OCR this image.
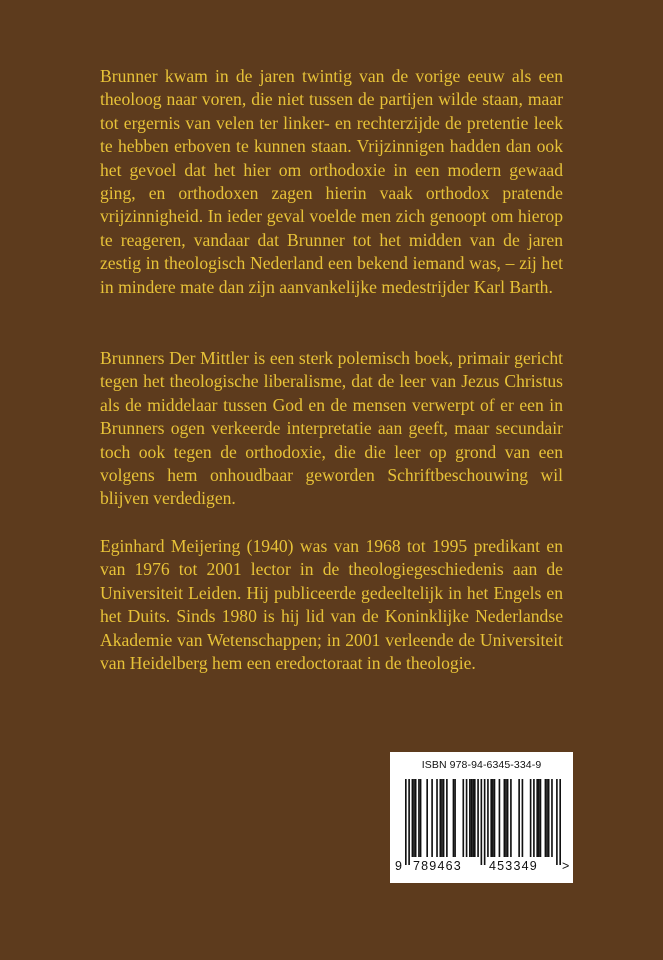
Brunner kwam in de jaren twintig van de vorige eeuw als een theoloog naar voren, die niet tussen de partijen wilde staan, maar tot ergernis van velen ter linker- en rechterzijde de pretentie leek te hebben erboven te kunnen staan. Vrijzinnigen hadden dan ook het gevoel dat het hier om orthodoxie in een modern gewaad ging, en orthodoxen zagen hierin vaak orthodox pratende vrijzinnigheid. In ieder geval voelde men zich genoopt om hierop te reageren, vandaar dat Brunner tot het midden van de jaren zestig in theologisch Nederland een bekend iemand was, – zij het in mindere mate dan zijn aanvankelijke medestrijder Karl Barth.

Brunners Der Mittler is een sterk polemisch boek, primair gericht tegen het theologische liberalisme, dat de leer van Jezus Christus als de middelaar tussen God en de mensen verwerpt of er een in Brunners ogen verkeerde interpretatie aan geeft, maar secundair toch ook tegen de orthodoxie, die die leer op grond van een volgens hem onhoudbaar geworden Schriftbeschouwing wil blijven verdedigen.

Eginhard Meijering (1940) was van 1968 tot 1995 predikant en van 1976 tot 2001 lector in de theologiegeschiedenis aan de Universiteit Leiden. Hij publiceerde gedeeltelijk in het Engels en het Duits. Sinds 1980 is hij lid van de Koninklijke Nederlandse Akademie van Wetenschappen; in 2001 verleende de Universiteit van Heidelberg hem een eredoctoraat in de theologie.

ISBN 978-94-6345-334-9
9 789463 453349 >
